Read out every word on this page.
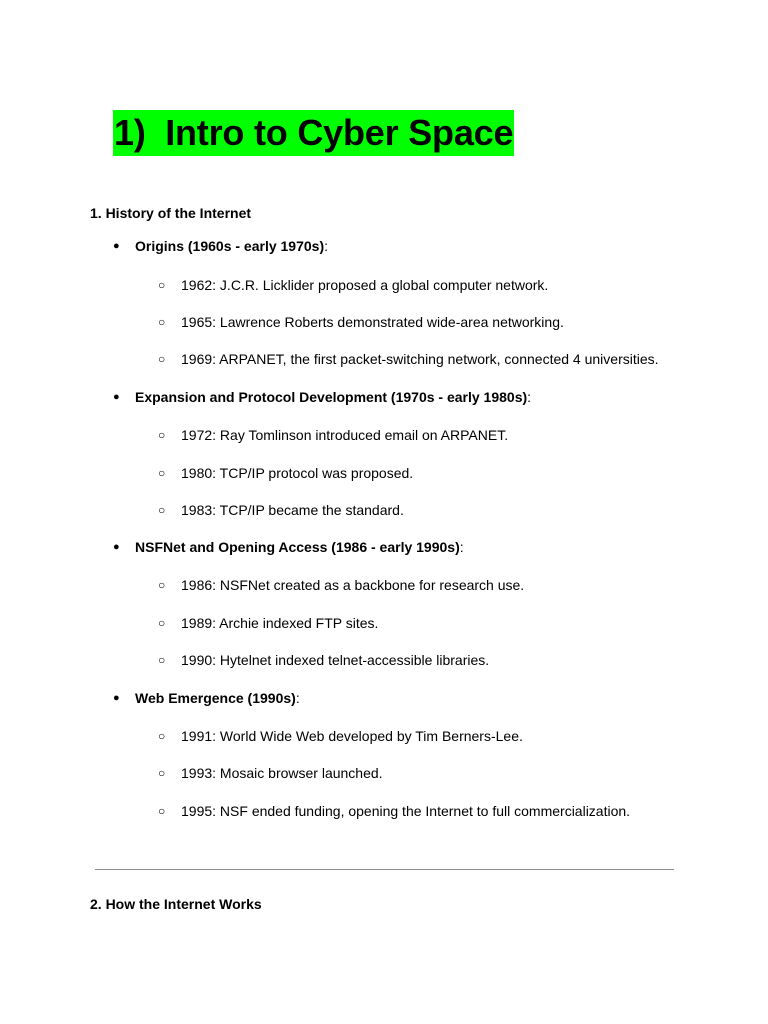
1)  Intro to Cyber Space
1. History of the Internet
● Origins (1960s - early 1970s):
○ 1962: J.C.R. Licklider proposed a global computer network.
○ 1965: Lawrence Roberts demonstrated wide-area networking.
○ 1969: ARPANET, the first packet-switching network, connected 4 universities.
● Expansion and Protocol Development (1970s - early 1980s):
○ 1972: Ray Tomlinson introduced email on ARPANET.
○ 1980: TCP/IP protocol was proposed.
○ 1983: TCP/IP became the standard.
● NSFNet and Opening Access (1986 - early 1990s):
○ 1986: NSFNet created as a backbone for research use.
○ 1989: Archie indexed FTP sites.
○ 1990: Hytelnet indexed telnet-accessible libraries.
● Web Emergence (1990s):
○ 1991: World Wide Web developed by Tim Berners-Lee.
○ 1993: Mosaic browser launched.
○ 1995: NSF ended funding, opening the Internet to full commercialization.
2. How the Internet Works
